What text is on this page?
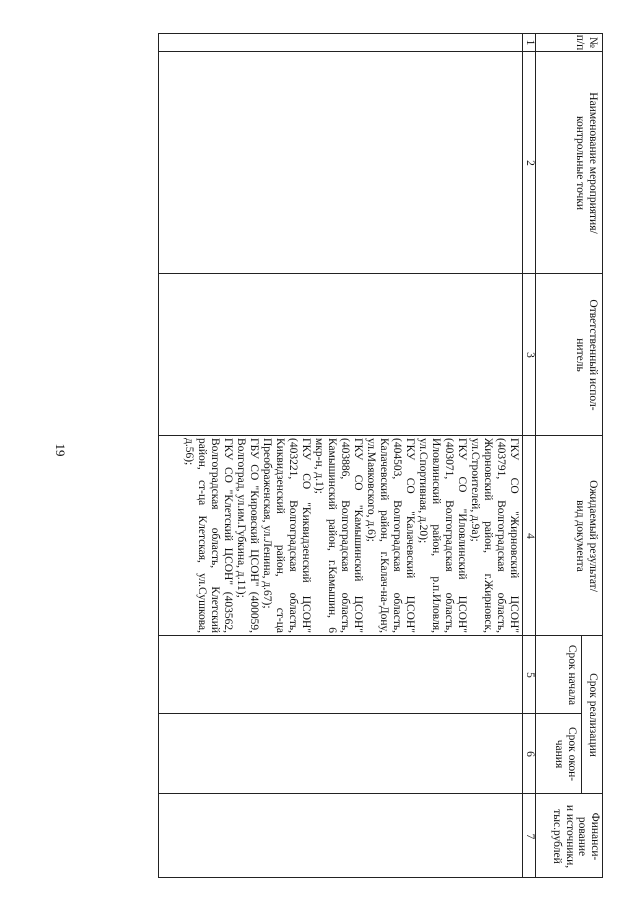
19
№
п/п
Наименование мероприятия/
контрольные точки
Ответственный испол-
нитель
Ожидаемый результат/
вид документа
Срок реализации
Срок начала
Срок окон-
чания
Финанси-
рование
и источники,
тыс.рублей
1
2
3
4
5
6
7
ГКУ СО "Жирновский ЦСОН" (403791, Волгоградская область, Жирновский район, г.Жирновск, ул.Строителей, д.9а);
ГКУ СО "Иловлинский ЦСОН" (403071, Волгоградская область, Иловлинский район, р.п.Иловля, ул.Спортивная, д.20);
ГКУ СО "Калачевский ЦСОН" (404503, Волгоградская область, Калачевский район, г.Калач-на-Дону, ул.Маяковского, д.6);
ГКУ СО "Камышинский ЦСОН" (403886, Волгоградская область, Камышинский район, г.Камышин, 6 мкр-н, д.1);
ГКУ СО "Киквидзенский ЦСОН" (403221, Волгоградская область, Киквидзенский район, ст-ца Преображенская, ул.Ленина, д.67);
ГБУ СО "Кировский ЦСОН" (400059, Волгоград, ул.им.Губкина, д.11);
ГКУ СО "Клетский ЦСОН" (403562, Волгоградская область, Клетский район, ст-ца Клетская, ул.Сушкова, д.56);
